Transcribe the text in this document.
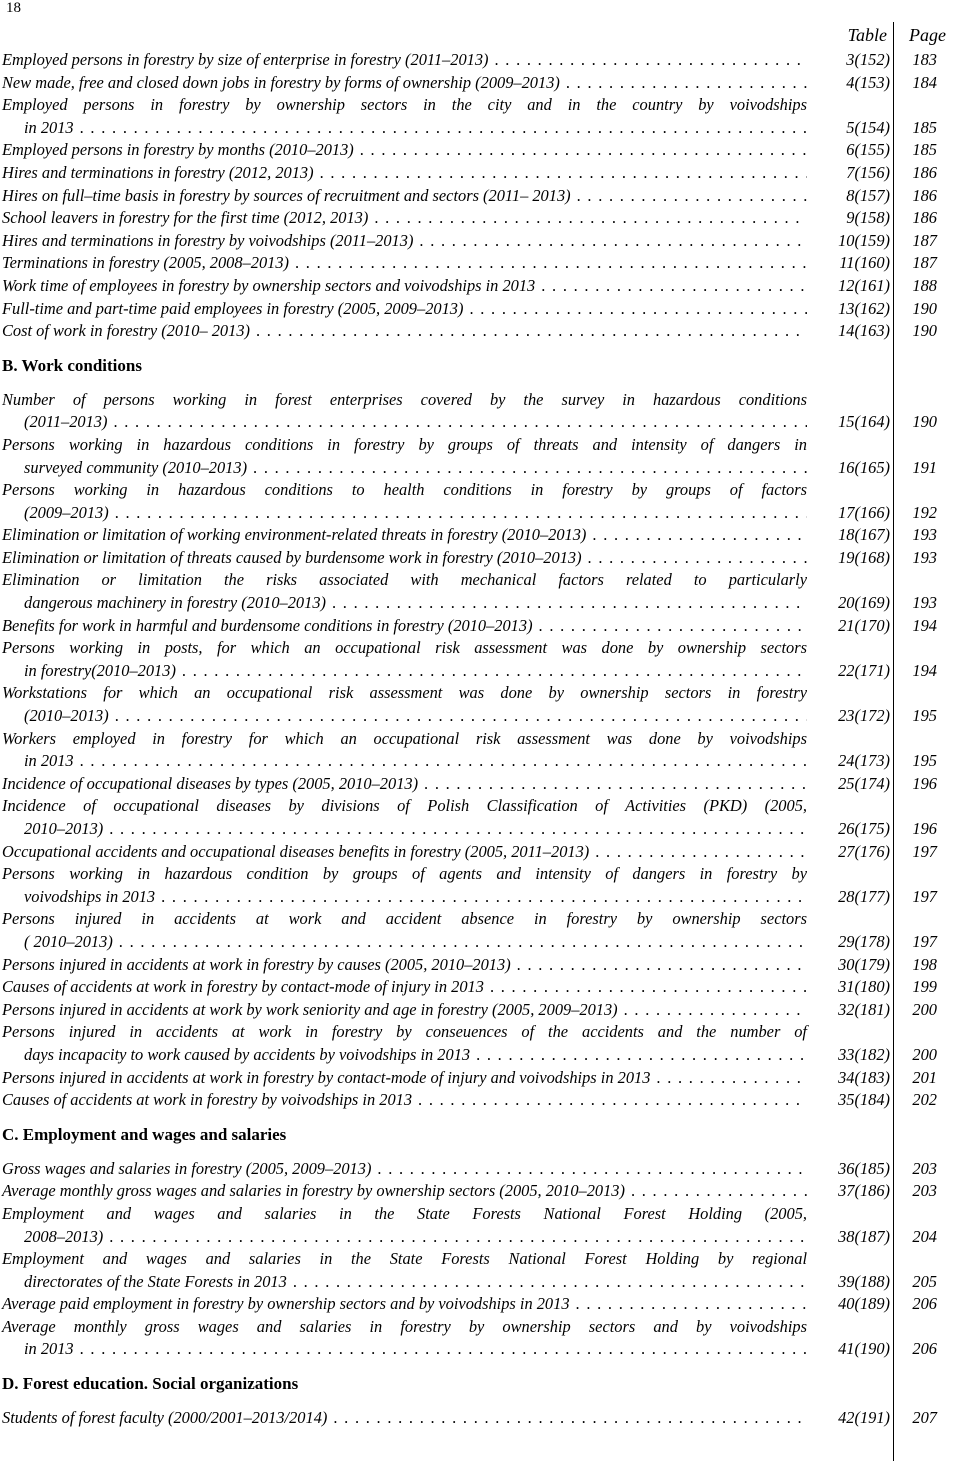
18
Table Page
Employed persons in forestry by size of enterprise in forestry (2011–2013) . . .	3(152) 183
New made, free and closed down jobs in forestry by forms of ownership (2009–2013) . . .	4(153) 184
Employed persons in forestry by ownership sectors in the city and in the country by voivodships
in 2013 . . .	5(154) 185
Employed persons in forestry by months (2010–2013) . . .	6(155) 185
Hires and terminations in forestry (2012, 2013) . . .	7(156) 186
Hires on full–time basis in forestry by sources of recruitment and sectors (2011– 2013) . . .	8(157) 186
School leavers in forestry for the first time (2012, 2013) . . .	9(158) 186
Hires and terminations in forestry by voivodships (2011–2013) . . .	10(159) 187
Terminations in forestry (2005, 2008–2013) . . .	11(160) 187
Work time of employees in forestry by ownership sectors and voivodships in 2013 . . .	12(161) 188
Full-time and part-time paid employees in forestry (2005, 2009–2013) . . .	13(162) 190
Cost of work in forestry (2010– 2013) . . .	14(163) 190
B. Work conditions
Number of persons working in forest enterprises covered by the survey in hazardous conditions
(2011–2013) . . .	15(164) 190
Persons working in hazardous conditions in forestry by groups of threats and intensity of dangers in
surveyed community (2010–2013) . . .	16(165) 191
Persons working in hazardous conditions to health conditions in forestry by groups of factors
(2009–2013) . . .	17(166) 192
Elimination or limitation of working environment-related threats in forestry (2010–2013) . . .	18(167) 193
Elimination or limitation of threats caused by burdensome work in forestry (2010–2013) . . .	19(168) 193
Elimination or limitation the risks associated with mechanical factors related to particularly
dangerous machinery in forestry (2010–2013) . . .	20(169) 193
Benefits for work in harmful and burdensome conditions in forestry (2010–2013) . . .	21(170) 194
Persons working in posts, for which an occupational risk assessment was done by ownership sectors
in forestry(2010–2013) . . .	22(171) 194
Workstations for which an occupational risk assessment was done by ownership sectors in forestry
(2010–2013) . . .	23(172) 195
Workers employed in forestry for which an occupational risk assessment was done by voivodships
in 2013 . . .	24(173) 195
Incidence of occupational diseases by types (2005, 2010–2013) . . .	25(174) 196
Incidence of occupational diseases by divisions of Polish Classification of Activities (PKD) (2005,
2010–2013) . . .	26(175) 196
Occupational accidents and occupational diseases benefits in forestry (2005, 2011–2013) . . .	27(176) 197
Persons working in hazardous condition by groups of agents and intensity of dangers in forestry by
voivodships in 2013 . . .	28(177) 197
Persons injured in accidents at work and accident absence in forestry by ownership sectors
( 2010–2013) . . .	29(178) 197
Persons injured in accidents at work in forestry by causes (2005, 2010–2013) . . .	30(179) 198
Causes of accidents at work in forestry by contact-mode of injury in 2013 . . .	31(180) 199
Persons injured in accidents at work by work seniority and age in forestry (2005, 2009–2013) . . .	32(181) 200
Persons injured in accidents at work in forestry by conseuences of the accidents and the number of
days incapacity to work caused by accidents by voivodships in 2013 . . .	33(182) 200
Persons injured in accidents at work in forestry by contact-mode of injury and voivodships in 2013 . . .	34(183) 201
Causes of accidents at work in forestry by voivodships in 2013 . . .	35(184) 202
C. Employment and wages and salaries
Gross wages and salaries in forestry (2005, 2009–2013) . . .	36(185) 203
Average monthly gross wages and salaries in forestry by ownership sectors (2005, 2010–2013) . . .	37(186) 203
Employment and wages and salaries in the State Forests National Forest Holding (2005,
2008–2013) . . .	38(187) 204
Employment and wages and salaries in the State Forests National Forest Holding by regional
directorates of the State Forests in 2013 . . .	39(188) 205
Average paid employment in forestry by ownership sectors and by voivodships in 2013 . . .	40(189) 206
Average monthly gross wages and salaries in forestry by ownership sectors and by voivodships
in 2013 . . .	41(190) 206
D. Forest education. Social organizations
Students of forest faculty (2000/2001–2013/2014) . . .	42(191) 207
